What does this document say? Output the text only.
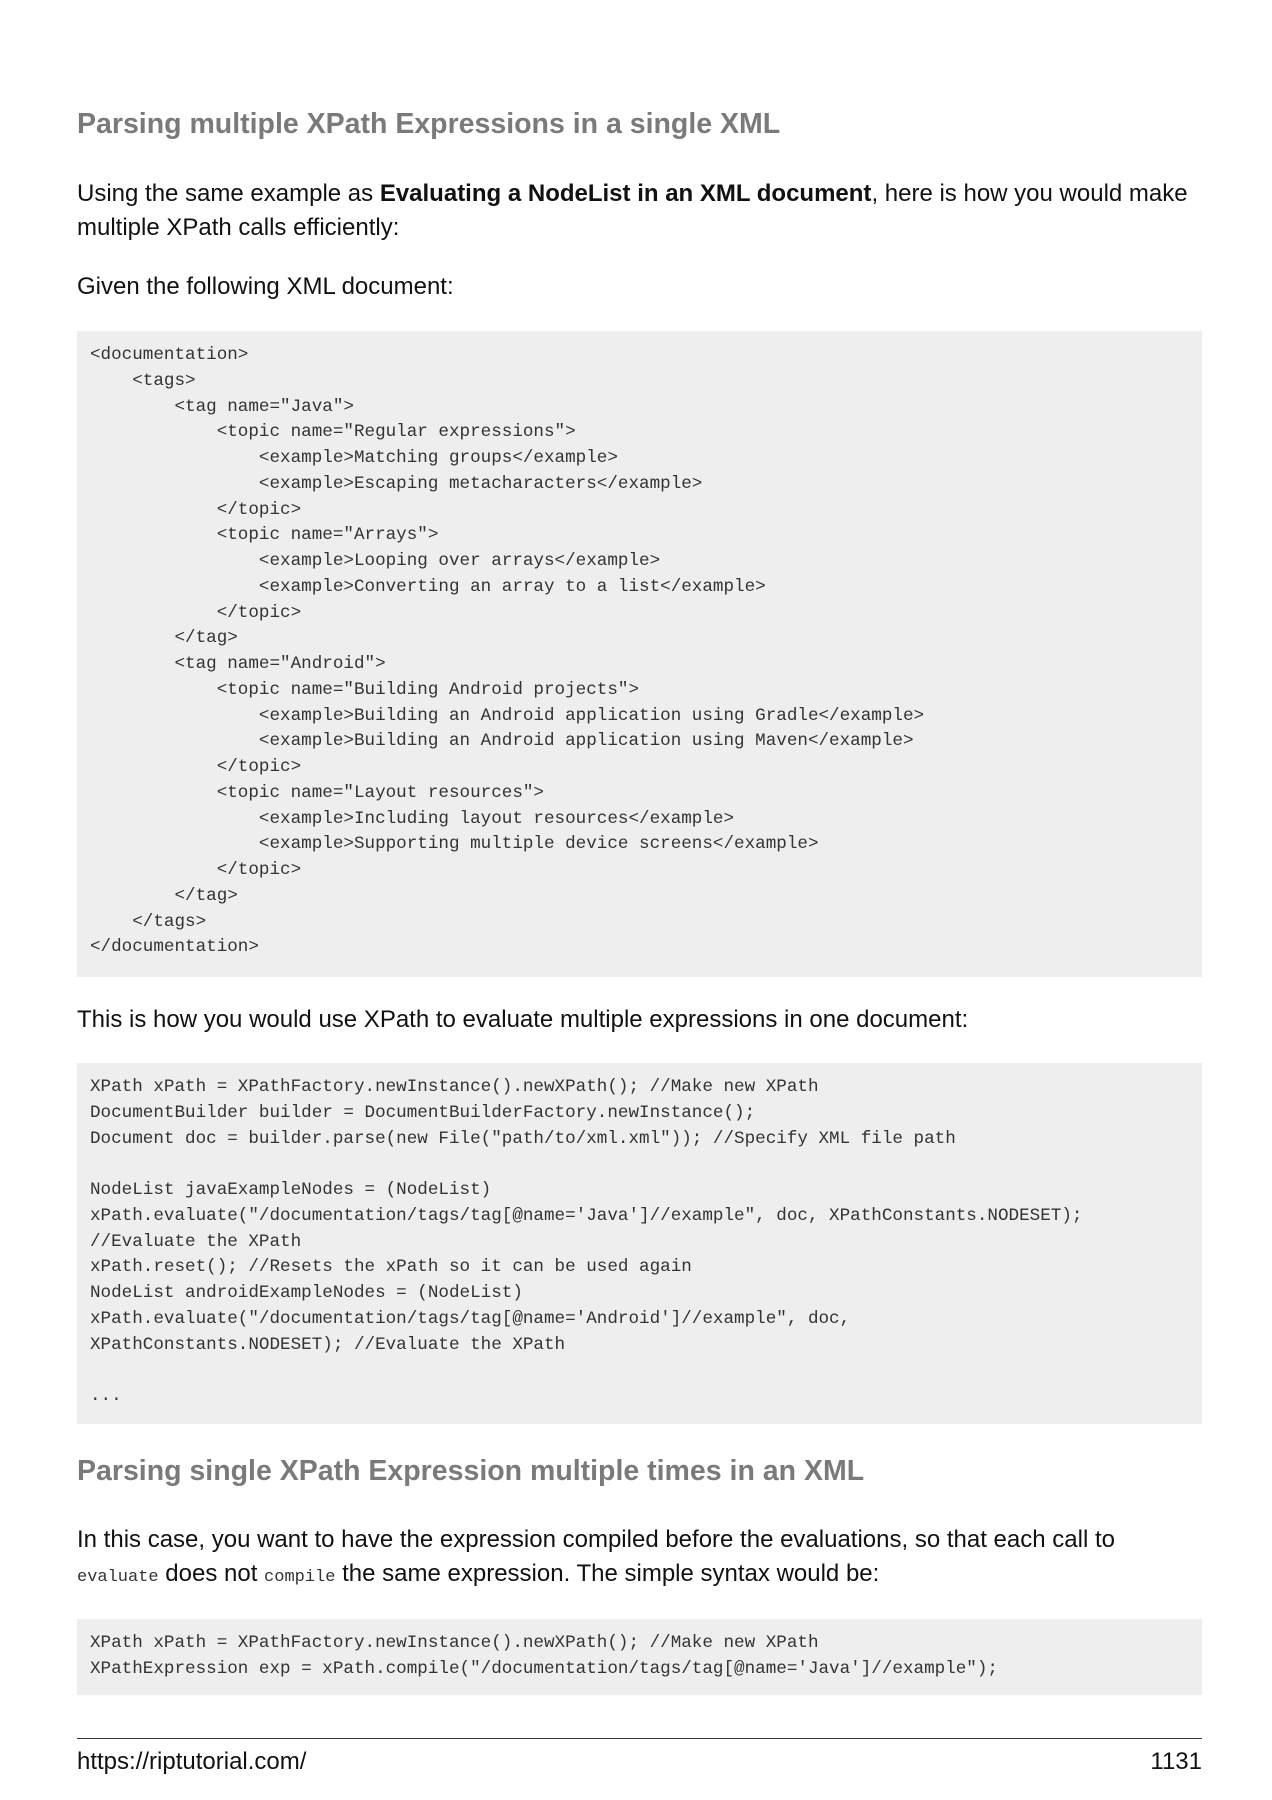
Parsing multiple XPath Expressions in a single XML

Using the same example as Evaluating a NodeList in an XML document, here is how you would make multiple XPath calls efficiently:

Given the following XML document:

<documentation>
<tags>
<tag name="Java">
<topic name="Regular expressions">
<example>Matching groups</example>
<example>Escaping metacharacters</example>
</topic>
<topic name="Arrays">
<example>Looping over arrays</example>
<example>Converting an array to a list</example>
</topic>
</tag>
<tag name="Android">
<topic name="Building Android projects">
<example>Building an Android application using Gradle</example>
<example>Building an Android application using Maven</example>
</topic>
<topic name="Layout resources">
<example>Including layout resources</example>
<example>Supporting multiple device screens</example>
</topic>
</tag>
</tags>
</documentation>

This is how you would use XPath to evaluate multiple expressions in one document:

XPath xPath = XPathFactory.newInstance().newXPath(); //Make new XPath
DocumentBuilder builder = DocumentBuilderFactory.newInstance();
Document doc = builder.parse(new File("path/to/xml.xml")); //Specify XML file path

NodeList javaExampleNodes = (NodeList)
xPath.evaluate("/documentation/tags/tag[@name='Java']//example", doc, XPathConstants.NODESET);
//Evaluate the XPath
xPath.reset(); //Resets the xPath so it can be used again
NodeList androidExampleNodes = (NodeList)
xPath.evaluate("/documentation/tags/tag[@name='Android']//example", doc,
XPathConstants.NODESET); //Evaluate the XPath

...
Parsing single XPath Expression multiple times in an XML

In this case, you want to have the expression compiled before the evaluations, so that each call to evaluate does not compile the same expression. The simple syntax would be:

XPath xPath = XPathFactory.newInstance().newXPath(); //Make new XPath
XPathExpression exp = xPath.compile("/documentation/tags/tag[@name='Java']//example");
https://riptutorial.com/	1131
